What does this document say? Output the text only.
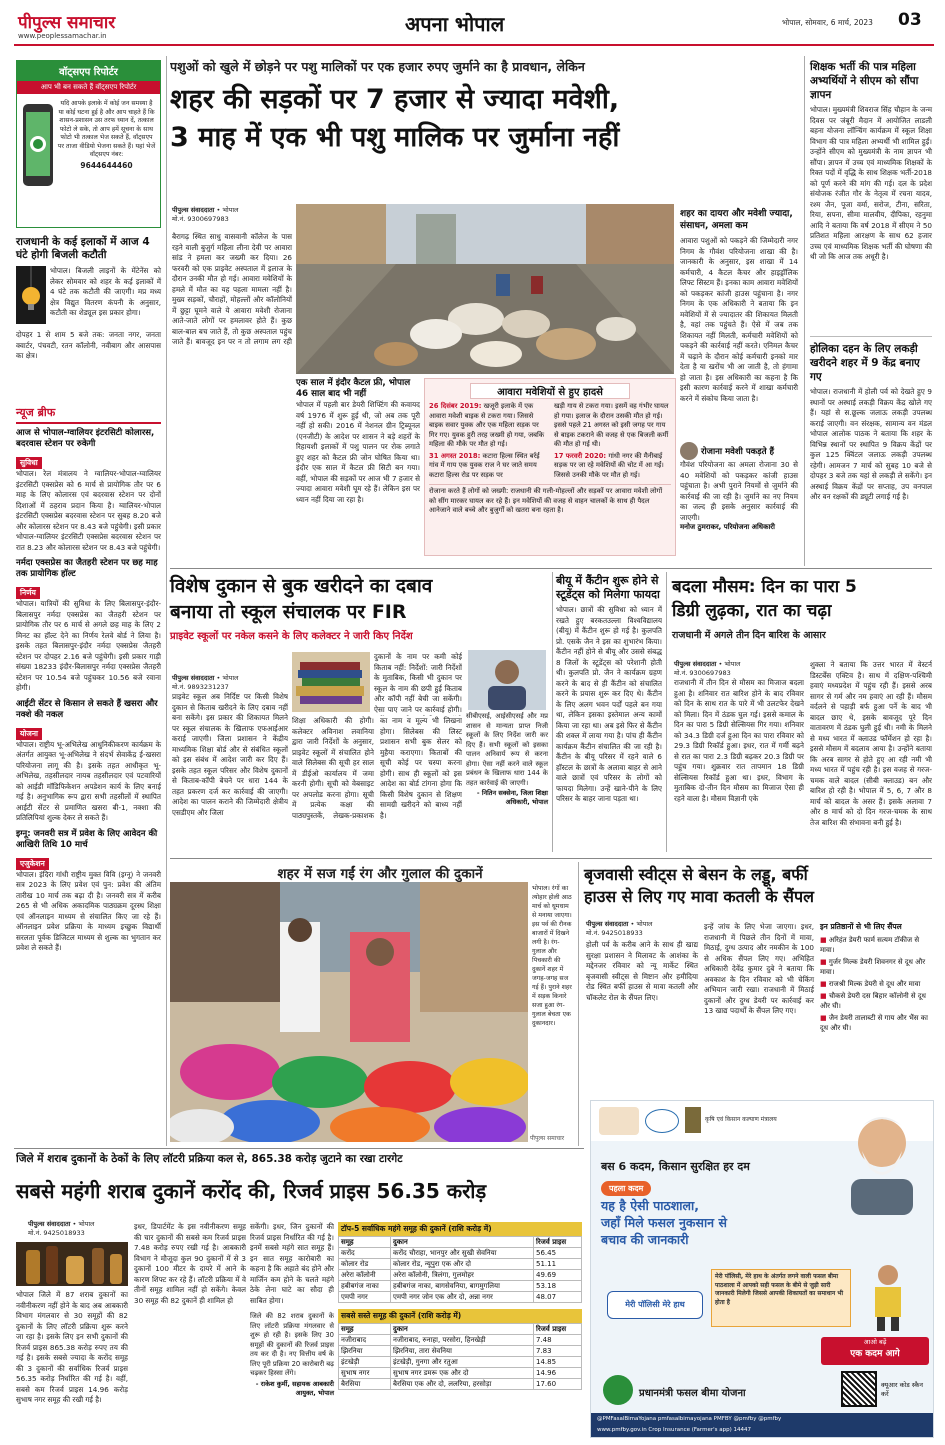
पीपुल्स समाचार
www.peoplessamachar.in	अपना भोपाल	भोपाल, सोमवार, 6 मार्च, 2023 03
वॉट्सएप रिपोर्टर
आप भी बन सकते हैं वॉट्सएप रिपोर्टर
यदि आपके इलाके में कोई जन समस्या है या कोई घटना हुई है और आप चाहते हैं कि शासन-प्रशासन उस तरफ ध्यान दें, तत्काल फोटो ले सके, तो आप हमें सूचना के साथ फोटो भी तत्काल भेज सकते हैं, वॉट्सएप पर ताजा वीडियो भेजना सकते हैं। यहां भेजें वॉट्सएप नंबर:
9644644460
राजधानी के कई इलाकों में आज 4 घंटे होगी बिजली कटौती
भोपाल। बिजली लाइनों के मेंटेनेंस को लेकर सोमवार को शहर के कई इलाकों में 4 घंटे तक कटौती की जाएगी। मप्र मध्य क्षेत्र विद्युत वितरण कंपनी के अनुसार, कटौती का शेड्यूल इस प्रकार होगा।
दोपहर 1 से शाम 5 बजे तक: जनता नगर, जनता क्वार्टर, पंचवटी, रतन कॉलोनी, नवीबाग और आसपास का क्षेत्र।
न्यूज ब्रीफ
आज से भोपाल-ग्वालियर इंटरसिटी कोलारस, बदरवास स्टेशन पर रुकेगी
सुविधा
भोपाल। रेल मंत्रालय ने ग्वालियर-भोपाल-ग्वालियर इंटरसिटी एक्सप्रेस को 6 मार्च से प्रायोगिक तौर पर 6 माह के लिए कोलारस एवं बदरवास स्टेशन पर दोनों दिशाओं में ठहराव प्रदान किया है। ग्वालियर-भोपाल इंटरसिटी एक्सप्रेस बदरवास स्टेशन पर सुबह 8.20 बजे और कोलारस स्टेशन पर 8.43 बजे पहुंचेगी। इसी प्रकार भोपाल-ग्वालियर इंटरसिटी एक्सप्रेस बदरवास स्टेशन पर रात 8.23 और कोलारस स्टेशन पर 8.43 बजे पहुंचेगी।
नर्मदा एक्सप्रेस का जैतहरी स्टेशन पर छह माह तक प्रायोगिक हॉल्ट
निर्णय
भोपाल। यात्रियों की सुविधा के लिए बिलासपुर-इंदौर-बिलासपुर नर्मदा एक्सप्रेस का जैतहरी स्टेशन पर प्रायोगिक तौर पर 6 मार्च से अगले छह माह के लिए 2 मिनट का हॉल्ट देने का निर्णय रेलवे बोर्ड ने लिया है। इसके तहत बिलासपुर-इंदौर नर्मदा एक्सप्रेस जैतहरी स्टेशन पर दोपहर 2.16 बजे पहुंचेगी। इसी प्रकार गाड़ी संख्या 18233 इंदौर-बिलासपुर नर्मदा एक्सप्रेस जैतहरी स्टेशन पर 10.54 बजे पहुंचकर 10.56 बजे रवाना होगी।
आईटी सेंटर से किसान ले सकते हैं खसरा और नक्शे की नकल
योजना
भोपाल। राष्ट्रीय भू-अभिलेख आधुनिकीकरण कार्यक्रम के अंतर्गत आयुक्त भू-अभिलेख ने संदर्भ सेवाकेंद्र ई-खसरा परियोजना लागू की है। इसके तहत आधीकृत भू-अभिलेख, तहसीलदार नायब तहसीलदार एवं पटवारियों को आईडी मॉडिफिकेशन अपडेशन कार्य के लिए बनाई गई है। अनुभागिक रूप द्वारा सभी तहसीलों में स्थापित आईटी सेंटर से प्रमाणित खसरा बी-1, नक्शा की प्रतिलिपियां शुल्क देकर ले सकते हैं।
इग्नू: जनवरी सत्र में प्रवेश के लिए आवेदन की आखिरी तिथि 10 मार्च
एजुकेशन
भोपाल। इंदिरा गांधी राष्ट्रीय मुक्त विवि (इग्नू) ने जनवरी सत्र 2023 के लिए प्रवेश एवं पुन: प्रवेश की अंतिम तारीख 10 मार्च तक बढ़ा दी है। जनवरी सत्र में करीब 265 से भी अधिक अकादमिक पाठ्यक्रम दूरस्थ शिक्षा एवं ऑनलाइन माध्यम से संचालित किए जा रहे हैं। ऑनलाइन प्रवेश प्रक्रिया के माध्यम इच्छुक विद्यार्थी सरलता पूर्वक डिजिटल माध्यम से शुल्क का भुगतान कर प्रवेश ले सकते हैं।
पशुओं को खुले में छोड़ने पर पशु मालिकों पर एक हजार रुपए जुर्माने का है प्रावधान, लेकिन
शहर की सड़कों पर 7 हजार से ज्यादा मवेशी,
3 माह में एक भी पशु मालिक पर जुर्माना नहीं
पीपुल्स संवाददाता • भोपाल
मो.नं. 9300697983
बैरागढ़ स्थित साधु वासवानी कॉलेज के पास रहने वाली बुजुर्ग महिला लीना देवी पर आवारा सांड ने हमला कर जख्मी कर दिया। 26 फरवरी को एक प्राइवेट अस्पताल में इलाज के दौरान उनकी मौत हो गई। आवारा मवेशियों के हमले में मौत का यह पहला मामला नहीं है। मुख्य सड़कों, चौराहों, मोहल्लों और कॉलोनियों में छुट्टा घूमने वाले ये आवारा मवेशी रोजाना आते-जाते लोगों पर हमलावर होते हैं। कुछ बाल-बाल बच जाते हैं, तो कुछ अस्पताल पहुंच जाते हैं। बावजूद इन पर न तो लगाम लग रही
शहर का दायरा और मवेशी ज्यादा, संसाधन, अमला कम
आवारा पशुओं को पकड़ने की जिम्मेदारी नगर निगम के गौवंश परियोजना शाखा की है। जानकारी के अनुसार, इस शाखा में 14 कर्मचारी, 4 कैटल कैचर और हाइड्रॉलिक लिफ्ट सिस्टम हैं। इनका काम आवारा मवेशियों को पकड़कर कांजी हाउस पहुंचाना है। नगर निगम के एक अधिकारी ने बताया कि इन मवेशियों में से ज्यादातर की शिकायत मिलती है, वहां तक पहुंचते हैं। ऐसे में जब तक शिकायत नहीं मिलती, कर्मचारी मवेशियों को पकड़ने की कार्रवाई नहीं करते। एनिमल कैचर में चढ़ाने के दौरान कोई कर्मचारी इनको मार देता है या खरोंच भी आ जाती है, तो हंगामा हो जाता है। इस अधिकारी का कहना है कि इसी कारण कार्रवाई करने में शाखा कर्मचारी करने में संकोच किया जाता है।
रोजाना मवेशी पकड़ते हैं
गौवंश परियोजना का अमला रोजाना 30 से 40 मवेशियों को पकड़कर कांजी हाउस पहुंचाता है। अभी पुराने नियमों से जुर्माने की कार्रवाई की जा रही है। जुर्माने का नए नियम का जल्द ही इसके अनुसार कार्रवाई की जाएगी।
मनोज ठुमराकर, परियोजना अधिकारी
एक साल में इंदौर कैटल फ्री, भोपाल 46 साल बाद भी नहीं
भोपाल में पहली बार डेयरी शिफ्टिंग की कवायद वर्ष 1976 में शुरू हुई थी, जो अब तक पूरी नहीं हो सकी। 2016 में नेशनल ग्रीन ट्रिब्यूनल (एनजीटी) के आदेश पर शासन ने बड़े शहरों के रिहायशी इलाकों में पशु पालन पर रोक लगाते हुए शहर को कैटल फ्री जोन घोषित किया था। इंदौर एक साल में कैटल फ्री सिटी बन गया। वहीं, भोपाल की सड़कों पर आज भी 7 हजार से ज्यादा आवारा मवेशी घूम रहे हैं। लेकिन इस पर ध्यान नहीं दिया जा रहा है।
आवारा मवेशियों से हुए हादसे
26 दिसंबर 2019: खजूरी इलाके में एक आवारा मवेशी बाइक से टकरा गया। जिससे बाइक सवार युवक और एक महिला सड़क पर गिर गए। युवक हुरी तरह जख्मी हो गया, जबकि महिला की मौके पर मौत हो गई।
31 अगस्त 2018: कटारा हिल्स स्थित बर्रई गांव में गाय एक युवक राज ने घर जाते समय कटारा हिल्स रोड पर सड़क पर
खड़ी गाय से टकरा गया। इसमें वह गंभीर घायल हो गया। इलाज के दौरान उसकी मौत हो गई। इससे पहले 21 अगस्त को इसी जगह पर गाय से बाइक टकराने की वजह से एक बिजली कर्मी की मौत हो गई थी।
17 फरवरी 2020: गांधी नगर की मैनीबाई सड़क पर जा रहे मवेशियों की चोट में आ गईं। जिससे उनकी मौके पर मौत हो गई।
रोजाना करते हैं लोगों को जख्मी: राजधानी की गली-मोहल्लों और सड़कों पर आवारा मवेशी लोगों को सींग मारकर घायल कर रहे हैं। इन मवेशियों की वजह से वाहन चालकों के साथ ही पैदल आनेजाने वाले बच्चे और बुजुर्गों को खतरा बना रहता है।
शिक्षक भर्ती की पात्र महिला अभ्यर्थियों ने सीएम को सौंपा ज्ञापन
भोपाल। मुख्यमंत्री शिवराज सिंह चौहान के जन्म दिवस पर जंबूरी मैदान में आयोजित लाडली बहना योजना लॉन्चिंग कार्यक्रम में स्कूल शिक्षा विभाग की पात्र महिला अभ्यर्थी भी शामिल हुईं। उन्होंने सीएम को मुख्यमंत्री के नाम ज्ञापन भी सौंपा। ज्ञापन में उच्च एवं माध्यमिक शिक्षकों के रिक्त पदों में वृद्धि के साथ शिक्षक भर्ती-2018 को पूर्ण करने की मांग की गई। दल के प्रदेश संयोजक रंजीत गौर के नेतृत्व में रचना यादव, रश्म जैन, पूजा वर्मा, सरोज, टीना, सरिता, रिया, सपना, सीमा मालवीय, दीपिका, रहनुमा आदि ने बताया कि वर्ष 2018 में सीएम ने 50 प्रतिशत महिला आरक्षण के साथ 62 हजार उच्च एवं माध्यमिक शिक्षक भर्ती की घोषणा की थी जो कि आज तक अधूरी है।
होलिका दहन के लिए लकड़ी खरीदने शहर में 9 केंद्र बनाए गए
भोपाल। राजधानी में होली पर्व को देखते हुए 9 स्थानों पर अस्थाई लकड़ी विक्रय केंद्र खोले गए हैं। यहां से स.छूल्क जलाऊ लकड़ी उपलब्ध कराई जाएगी। वन संरक्षक, सामान्य वन मंडल भोपाल आलोक पाठक ने बताया कि शहर के विभिन्न स्थानों पर स्थापित 9 विक्रय केंद्रों पर कुल 125 क्विंटल जलाऊ लकड़ी उपलब्ध रहेगी। आमजन 7 मार्च को सुबह 10 बजे से दोपहर 3 बजे तक यहां से लकड़ी ले सकेंगे। इन अस्थाई विक्रय केंद्रों पर सप्ताह, उप वनपाल और वन रक्षकों की ड्यूटी लगाई गई है।
विशेष दुकान से बुक खरीदने का दबाव
बनाया तो स्कूल संचालक पर FIR
प्राइवेट स्कूलों पर नकेल कसने के लिए कलेक्टर ने जारी किए निर्देश
पीपुल्स संवाददाता • भोपाल
मो.नं. 9893231237
प्राइवेट स्कूल अब निर्दिष्ट पर किसी विशेष दुकान से किताब खरीदने के लिए दबाव नहीं बना सकेंगे। इस प्रकार की शिकायत मिलने पर स्कूल संचालक के खिलाफ एफआईआर कराई जाएगी। जिला प्रशासन ने केंद्रीय माध्यमिक शिक्षा बोर्ड और से संबंधित स्कूलों को इस संबंध में आदेश जारी कर दिए हैं। इसके तहत स्कूल परिसर और विशेष दुकानों से किताब-कॉपी बेचने पर धारा 144 के तहत प्रकरण दर्ज कर कार्रवाई की जाएगी। आदेश का पालन कराने की जिम्मेदारी क्षेत्रीय एसडीएम और जिला
शिक्षा अधिकारी की होगी। कलेक्टर अविनाश लवानिया द्वारा जारी निर्देशों के अनुसार, प्राइवेट स्कूलों में संचालित होने वाले सिलेबस की सूची हर साल में डीईओ कार्यालय में जमा करनी होगी। सूची को वेबसाइट पर अपलोड करना होगा। सूची में प्रत्येक कक्षा की पाठ्यपुस्तकें, लेखक-प्रकाशक का नाम व मूल्य भी लिखना होगा। सिलेबस की लिस्ट प्रशासन सभी बुक सेलर को मुहैया कराएगा। किताबों की सूची कोई पर चस्पा करना होगी। साथ ही स्कूलों को इस आदेश का बोर्ड टांगना होगा कि किसी विशेष दुकान से शिक्षण सामग्री खरीदने को बाध्य नहीं है।
दुकानों के नाम पर कमी कोई किताब नहीं: निर्देशों: जारी निर्देशों के मुताबिक, किसी भी दुकान पर स्कूल के नाम की छपी हुई किताब और कॉपी नहीं बेची जा सकेंगी। ऐसा पाए जाने पर कार्रवाई होगी।
सीबीएसई, आईसीएसई और मप्र शासन से मान्यता प्राप्त निजी स्कूलों के लिए निर्देश जारी कर दिए हैं। सभी स्कूलों को इसका पालन अनिवार्य रूप से करना होगा। ऐसा नहीं करने वाले स्कूल प्रबंधन के खिलाफ धारा 144 के तहत कार्रवाई की जाएगी।
- नितिन सक्सेना, जिला शिक्षा अधिकारी, भोपाल
बीयू में कैंटीन शुरू होने से स्टूडेंट्स को मिलेगा फायदा
भोपाल। छात्रों की सुविधा को ध्यान में रखते हुए बरकतउल्ला विश्वविद्यालय (बीयू) में कैंटीन शुरू हो गई है। कुलपति प्रो. एसके जैन ने इस का शुभारंभ किया। कैंटीन नहीं होने से बीयू और उससे संबद्ध 8 जिलों के स्टूडेंट्स को परेशानी होती थी। कुलपति प्रो. जैन ने कार्यक्रम ग्रहण करने के बाद से ही कैंटीन को संचालित करने के प्रयास शुरू कर दिए थे। कैंटीन के लिए अलग भवन पर्दों पहले बन गया था, लेकिन इसका इस्तेमाल अन्य कामों किया जा रहा था। अब इसे फिर से कैंटीन की शक्ल में लाया गया है। पांच ही कैंटीन कार्यक्रम कैंटीन संचालित की जा रही है। कैंटीन के बीयू परिसर में रहने वाले 6 हॉस्टल के छात्रों के अलावा बाहर से आने वाले छात्रों एवं परिसर के लोगों को फायदा मिलेगा। उन्हें खाने-पीने के लिए परिसर के बाहर जाना पड़ता था।
बदला मौसम: दिन का पारा 5
डिग्री लुढ़का, रात का चढ़ा
राजधानी में अगले तीन दिन बारिश के आसार
पीपुल्स संवाददाता • भोपाल
मो.नं. 9300697983
राजधानी में तीन दिन से मौसम का मिजाज बदला हुआ है। शनिवार रात बारिश होने के बाद रविवार को दिन के साथ रात के पारे में भी उलटफेर देखने को मिला। दिन में ठंडक घुल गई। इससे कमाल के दिन का पारा 5 डिग्री सेल्सियस गिर गया। शनिवार को 34.3 डिग्री दर्ज हुआ दिन का पारा रविवार को 29.3 डिग्री रिकॉर्ड हुआ। इधर, रात में गर्मी बढ़ने से रात का पारा 2.3 डिग्री बढ़कर 20.3 डिग्री पर पहुंच गया। शुक्रवार रात तापमान 18 डिग्री सेल्सियस रिकॉर्ड हुआ था। इधर, विभाग के मुताबिक दो-तीन दिन मौसम का मिजाज ऐसा ही रहने वाला है। मौसम विज्ञानी एके
शुक्ला ने बताया कि उत्तर भारत में वेस्टर्न डिस्टर्बेंस एक्टिव है। साथ में दक्षिण-पश्चिमी हवाएं मध्यप्रदेश में पहुंच रही हैं। इससे अरब सागर से गर्म और नम हवाएं आ रही हैं। मौसम वर्दलने से पहाड़ी बर्फ हुआ पर्ने के बाद भी बादल छाए थे, इसके बावजूद पूरे दिन वातावरण में ठंडक घुली हुई थी। नमी के मिलने से मध्य भारत में क्लाउड फॉर्मेशन हो रहा है। इससे मौसम में बदलाव आया है। उन्होंने बताया कि अरब सागर से होते हुए आ रही नमी भी मध्य भारत में पहुंच रही है। इस वजह से गरज-चमक वाले बादल (सीबी क्लाउड) बन और बारिश हो रही है। भोपाल में 5, 6, 7 और 8 मार्च को बादल के असर हैं। इसके अलावा 7 और 8 मार्च को दो दिन गरज-चमक के साथ तेज बारिश की संभावना बनी हुई है।
शहर में सज गईं रंग और गुलाल की दुकानें
भोपाल। रंगों का त्योहार होली आठ मार्च को धूमधाम से मनाया जाएगा। इस पर्व की रौनक बाजारों में दिखने लगी है। रंग-गुलाल और पिचकारी की दुकानें शहर में जगह-जगह सज गई हैं। पुराने शहर में सड़क किनारे सजा हुआ रंग-गुलाल बेचता एक दुकानदार।
पीपुल्स समाचार
बृजवासी स्वीट्स से बेसन के लड्डू, बर्फी
हाउस से लिए गए मावा कतली के सैंपल
पीपुल्स संवाददाता • भोपाल
मो.नं. 9425018933
होली पर्व के करीब आने के साथ ही खाद्य सुरक्षा प्रशासन ने मिलावट के आशंका के मद्देनजर रविवार को न्यू मार्केट स्थित बृजवासी स्वीट्स से मिष्टान और हमीदिया रोड स्थित बर्फी हाउस से मावा कतली और चॉकलेट रोल के सैंपल लिए।
इन्हें जांच के लिए भेजा जाएगा। इधर, राजधानी में पिछले तीन दिनों में मावा, मिठाई, दुग्ध उत्पाद और नमकीन के 100 से अधिक सैंपल लिए गए। अभिहित अधिकारी देवेंद्र कुमार दुबे ने बताया कि अवकाश के दिन रविवार को भी चेकिंग अभियान जारी रखा। राजधानी में मिठाई दुकानों और दुग्ध डेयरी पर कार्रवाई कर 13 खाद्य पदार्थों के सैंपल लिए गए।
इन प्रतिष्ठानों से भी लिए सैंपल
■ अरिहंत डेयरी फार्म सत्यम टॉकीज से मावा।
■ गुर्जर मिल्क डेयरी शिवनगर से दूध और मावा।
■ राजश्री मिल्क डेयरी से दूध और मावा
■ चौकसे डेयरी दस बिहार कॉलोनी से दूध और घी।
■ जैन डेयरी तालाब्टी से गाय और भैंस का दूध और घी।
जिले में शराब दुकानों के ठेकों के लिए लॉटरी प्रक्रिया कल से, 865.38 करोड़ जुटाने का रखा टारगेट
सबसे महंगी शराब दुकानें करोंद की, रिजर्व प्राइस 56.35 करोड़
पीपुल्स संवाददाता • भोपाल
मो.नं. 9425018933
भोपाल जिले में 87 शराब दुकानों का नवीनीकरण नहीं होने के बाद अब आबकारी विभाग मंगलवार से 30 समूहों की 82 दुकानों के लिए लॉटरी प्रक्रिया शुरू करने जा रहा है। इसके लिए इन सभी दुकानों की रिजर्व प्राइस 865.38 करोड़ रुपए तय की गई है। इसके सबसे ज्यादा के करोंद समूह की 3 दुकानों की सर्वाधिक रिजर्व प्राइस 56.35 करोड़ निर्धारित की गई है। वहीं, सबसे कम रिजर्व प्राइस 14.96 करोड़ सुभाष नगर समूह की रखी गई है।
इधर, डिपार्टमेंट के इस नवीनीकरण समूह की चार दुकानों की सबसे कम रिजर्व प्राइस 7.48 करोड़ रुपए रखी गई है। आबकारी विभाग ने मौजूदा कुल 90 दुकानों में से 3 दुकानों 100 मीटर के दायरे में आने के कारण शिफ्ट कर रहे हैं। लॉटरी प्रक्रिया में वे तीनों समूह शामिल नहीं हो सकेंगे। केवल 30 समूह की 82 दुकानें ही शामिल हो
सकेंगी। इधर, जिन दुकानों की रिजर्व प्राइस निर्धारित की गई है। इनमें सबसे महंगे सात समूह हैं। इन सात समूह कारोबारी का कहना है कि अहाते बंद होने और मार्जिन कम होने के चलते महंगे ठेके लेना घाटे का सौदा ही साबित होगा।
जिले की 82 शराब दुकानों के लिए लॉटरी प्रक्रिया मंगलवार से शुरू हो रही है। इसके लिए 30 समूहों की दुकानों की रिजर्व प्राइस तय कर दी है। नए वित्तीय वर्ष के लिए पूरी प्रक्रिया 20 कारोबारी बढ़ चढ़कर हिस्सा लेंगे।
- राकेश कुर्मी, सहायक आबकारी आयुक्त, भोपाल
टॉप-5 सर्वाधिक महंगे समूह की दुकानें (राशि करोड़ में)
समूह	दुकान	रिजर्व प्राइस
करोंद	करोंद चौराहा, भानपुर और सुखी सेवनिया	56.45
कोलार रोड	कोलार रोड, न्यूपुरा एक और दो	51.11
अरेरा कॉलोनी	अरेरा कॉलोनी, त्रिलंगा, गुलमोहर	49.69
हबीबगंज नाका	हबीबगंज नाका, बागसेवनिया, बागमुगलिया	53.18
एमपी नगर	एमपी नगर जोन एक और दो, अन्ना नगर	48.07
सबसे सस्ते समूह की दुकानें (राशि करोड़ में)
समूह	दुकान	रिजर्व प्राइस
नजीराबाद	नजीराबाद, रुनाहा, परसोरा, हिनखेड़ी	7.48
झिरनिया	झिरनिया, तारा सेवनिया	7.83
इंटखेड़ी	इंटखेड़ी, गुनगा और रतुआ	14.85
सुभाष नगर	सुभाष नगर डमरू एक और दो	14.96
बैरसिया	बैरसिया एक और दो, ललरिया, हरसोड़ा	17.60
कृषि एवं किसान कल्याण मंत्रालय
बस 6 कदम, किसान सुरक्षित हर दम
पहला कदम
यह है ऐसी पाठशाला,
जहाँ मिले फसल नुकसान से
बचाव की जानकारी
मेरी पॉलिसी, मेरे हाथ के अंतर्गत लगने वाली फसल बीमा पाठशाला में आपको सही फसल के बीमे से जुड़ी सारी जानकारी मिलेगी जिससे आपकी शिकायतों का समाधान भी होता है
मेरी पॉलिसी मेरे हाथ
आओ बढ़ें
एक कदम आगे
प्रधानमंत्री फसल बीमा योजना
क्यूआर कोड स्कैन करें
@PMFasalBimaYojana pmfasalbimayojana PMFBY @pmfby @pmfby
www.pmfby.gov.in Crop Insurance (Farmer's app) 14447
